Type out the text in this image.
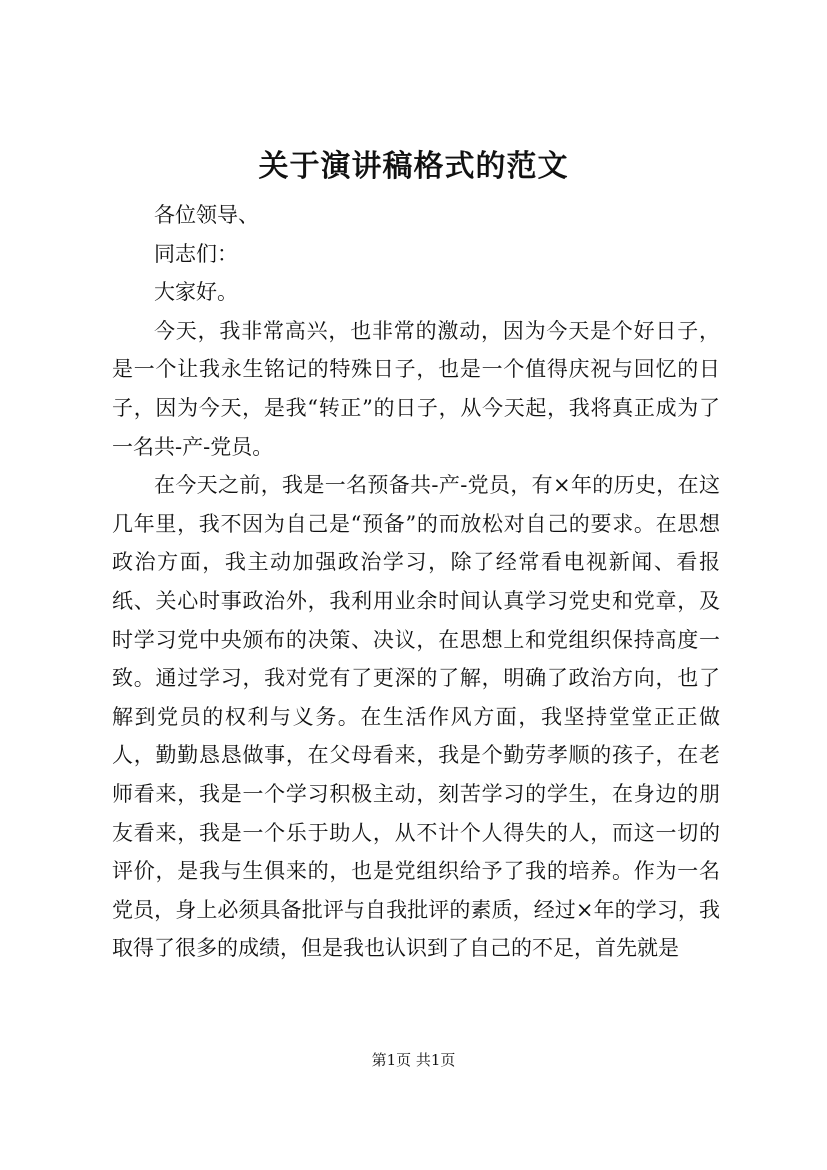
关于演讲稿格式的范文

各位领导、

同志们：

大家好。

今天，我非常高兴，也非常的激动，因为今天是个好日子，是一个让我永生铭记的特殊日子，也是一个值得庆祝与回忆的日子，因为今天，是我“转正”的日子，从今天起，我将真正成为了一名共-产-党员。

在今天之前，我是一名预备共-产-党员，有×年的历史，在这几年里，我不因为自己是“预备”的而放松对自己的要求。在思想政治方面，我主动加强政治学习，除了经常看电视新闻、看报纸、关心时事政治外，我利用业余时间认真学习党史和党章，及时学习党中央颁布的决策、决议，在思想上和党组织保持高度一致。通过学习，我对党有了更深的了解，明确了政治方向，也了解到党员的权利与义务。在生活作风方面，我坚持堂堂正正做人，勤勤恳恳做事，在父母看来，我是个勤劳孝顺的孩子，在老师看来，我是一个学习积极主动，刻苦学习的学生，在身边的朋友看来，我是一个乐于助人，从不计个人得失的人，而这一切的评价，是我与生俱来的，也是党组织给予了我的培养。作为一名党员，身上必须具备批评与自我批评的素质，经过×年的学习，我取得了很多的成绩，但是我也认识到了自己的不足，首先就是

第1页 共1页
